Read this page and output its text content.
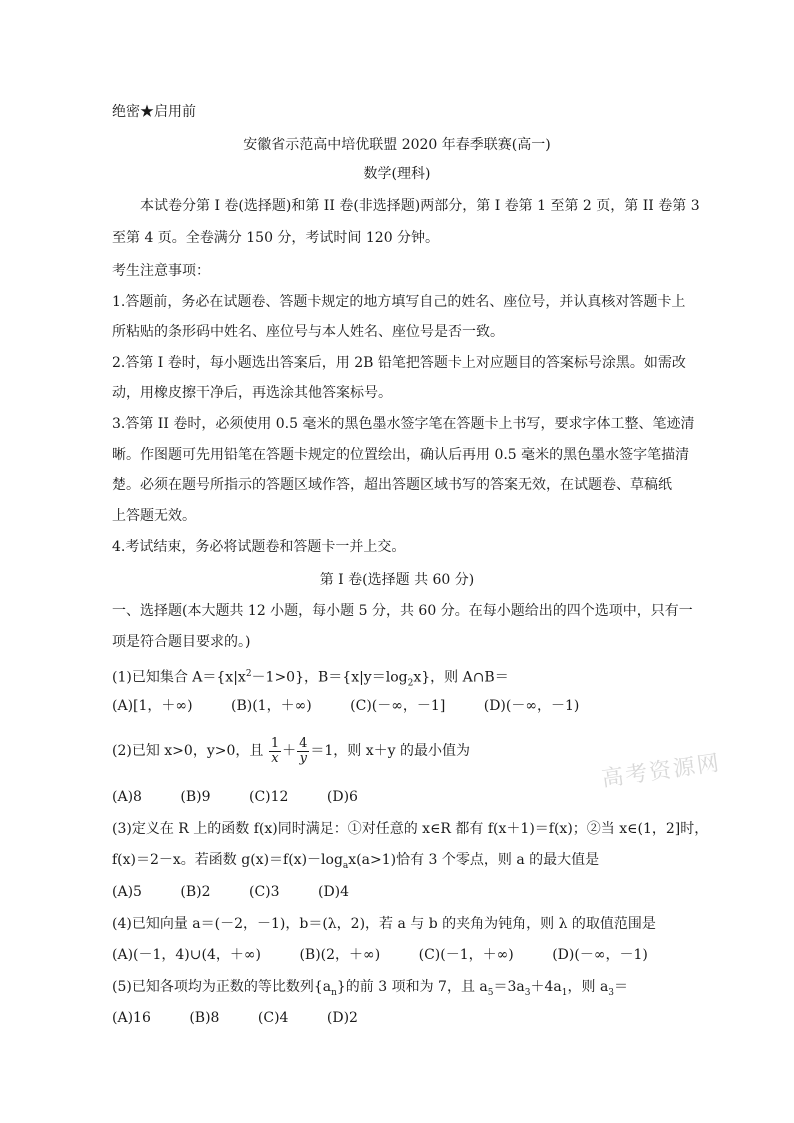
绝密★启用前
安徽省示范高中培优联盟 2020 年春季联赛(高一)
数学(理科)
本试卷分第 I 卷(选择题)和第 II 卷(非选择题)两部分，第 I 卷第 1 至第 2 页，第 II 卷第 3
至第 4 页。全卷满分 150 分，考试时间 120 分钟。
考生注意事项：
1.答题前，务必在试题卷、答题卡规定的地方填写自己的姓名、座位号，并认真核对答题卡上
所粘贴的条形码中姓名、座位号与本人姓名、座位号是否一致。
2.答第 I 卷时，每小题选出答案后，用 2B 铅笔把答题卡上对应题目的答案标号涂黑。如需改
动，用橡皮擦干净后，再选涂其他答案标号。
3.答第 II 卷时，必须使用 0.5 毫米的黑色墨水签字笔在答题卡上书写，要求字体工整、笔迹清
晰。作图题可先用铅笔在答题卡规定的位置绘出，确认后再用 0.5 毫米的黑色墨水签字笔描清
楚。必须在题号所指示的答题区域作答，超出答题区域书写的答案无效，在试题卷、草稿纸
上答题无效。
4.考试结束，务必将试题卷和答题卡一并上交。
第 I 卷(选择题 共 60 分)
一、选择题(本大题共 12 小题，每小题 5 分，共 60 分。在每小题给出的四个选项中，只有一
项是符合题目要求的。)
(1)已知集合 $A=\{x|x^2-1>0\}$，$B=\{x|y=\log_2x\}$，则 A∩B＝
(A)[1，＋∞)	(B)(1，＋∞)	(C)(－∞，－1]	(D)(－∞，－1)
(2)已知 x>0，y>0，且 $\frac{1}{x} + \frac{4}{y} =1$，则 x＋y 的最小值为	高考资源网
(A)8	(B)9	(C)12	(D)6
(3)定义在 R 上的函数 f(x)同时满足：①对任意的 x∈R 都有 f(x＋1)＝f(x)；②当 x∈(1，2]时，
f(x)＝2－x。若函数 $g(x)=f(x)-\log_ax(a>1)$恰有 3 个零点，则 a 的最大值是
(A)5	(B)2	(C)3	(D)4
(4)已知向量 a＝(－2，－1)，b＝(λ，2)，若 a 与 b 的夹角为钝角，则 λ 的取值范围是
(A)(－1，4)∪(4，＋∞)	(B)(2，＋∞)	(C)(－1，＋∞)	(D)(－∞，－1)
(5)已知各项均为正数的等比数列$\{a_n\}$的前 3 项和为 7，且 $a_5=3a_3+4a_1$，则 $a_3=$
(A)16	(B)8	(C)4	(D)2
